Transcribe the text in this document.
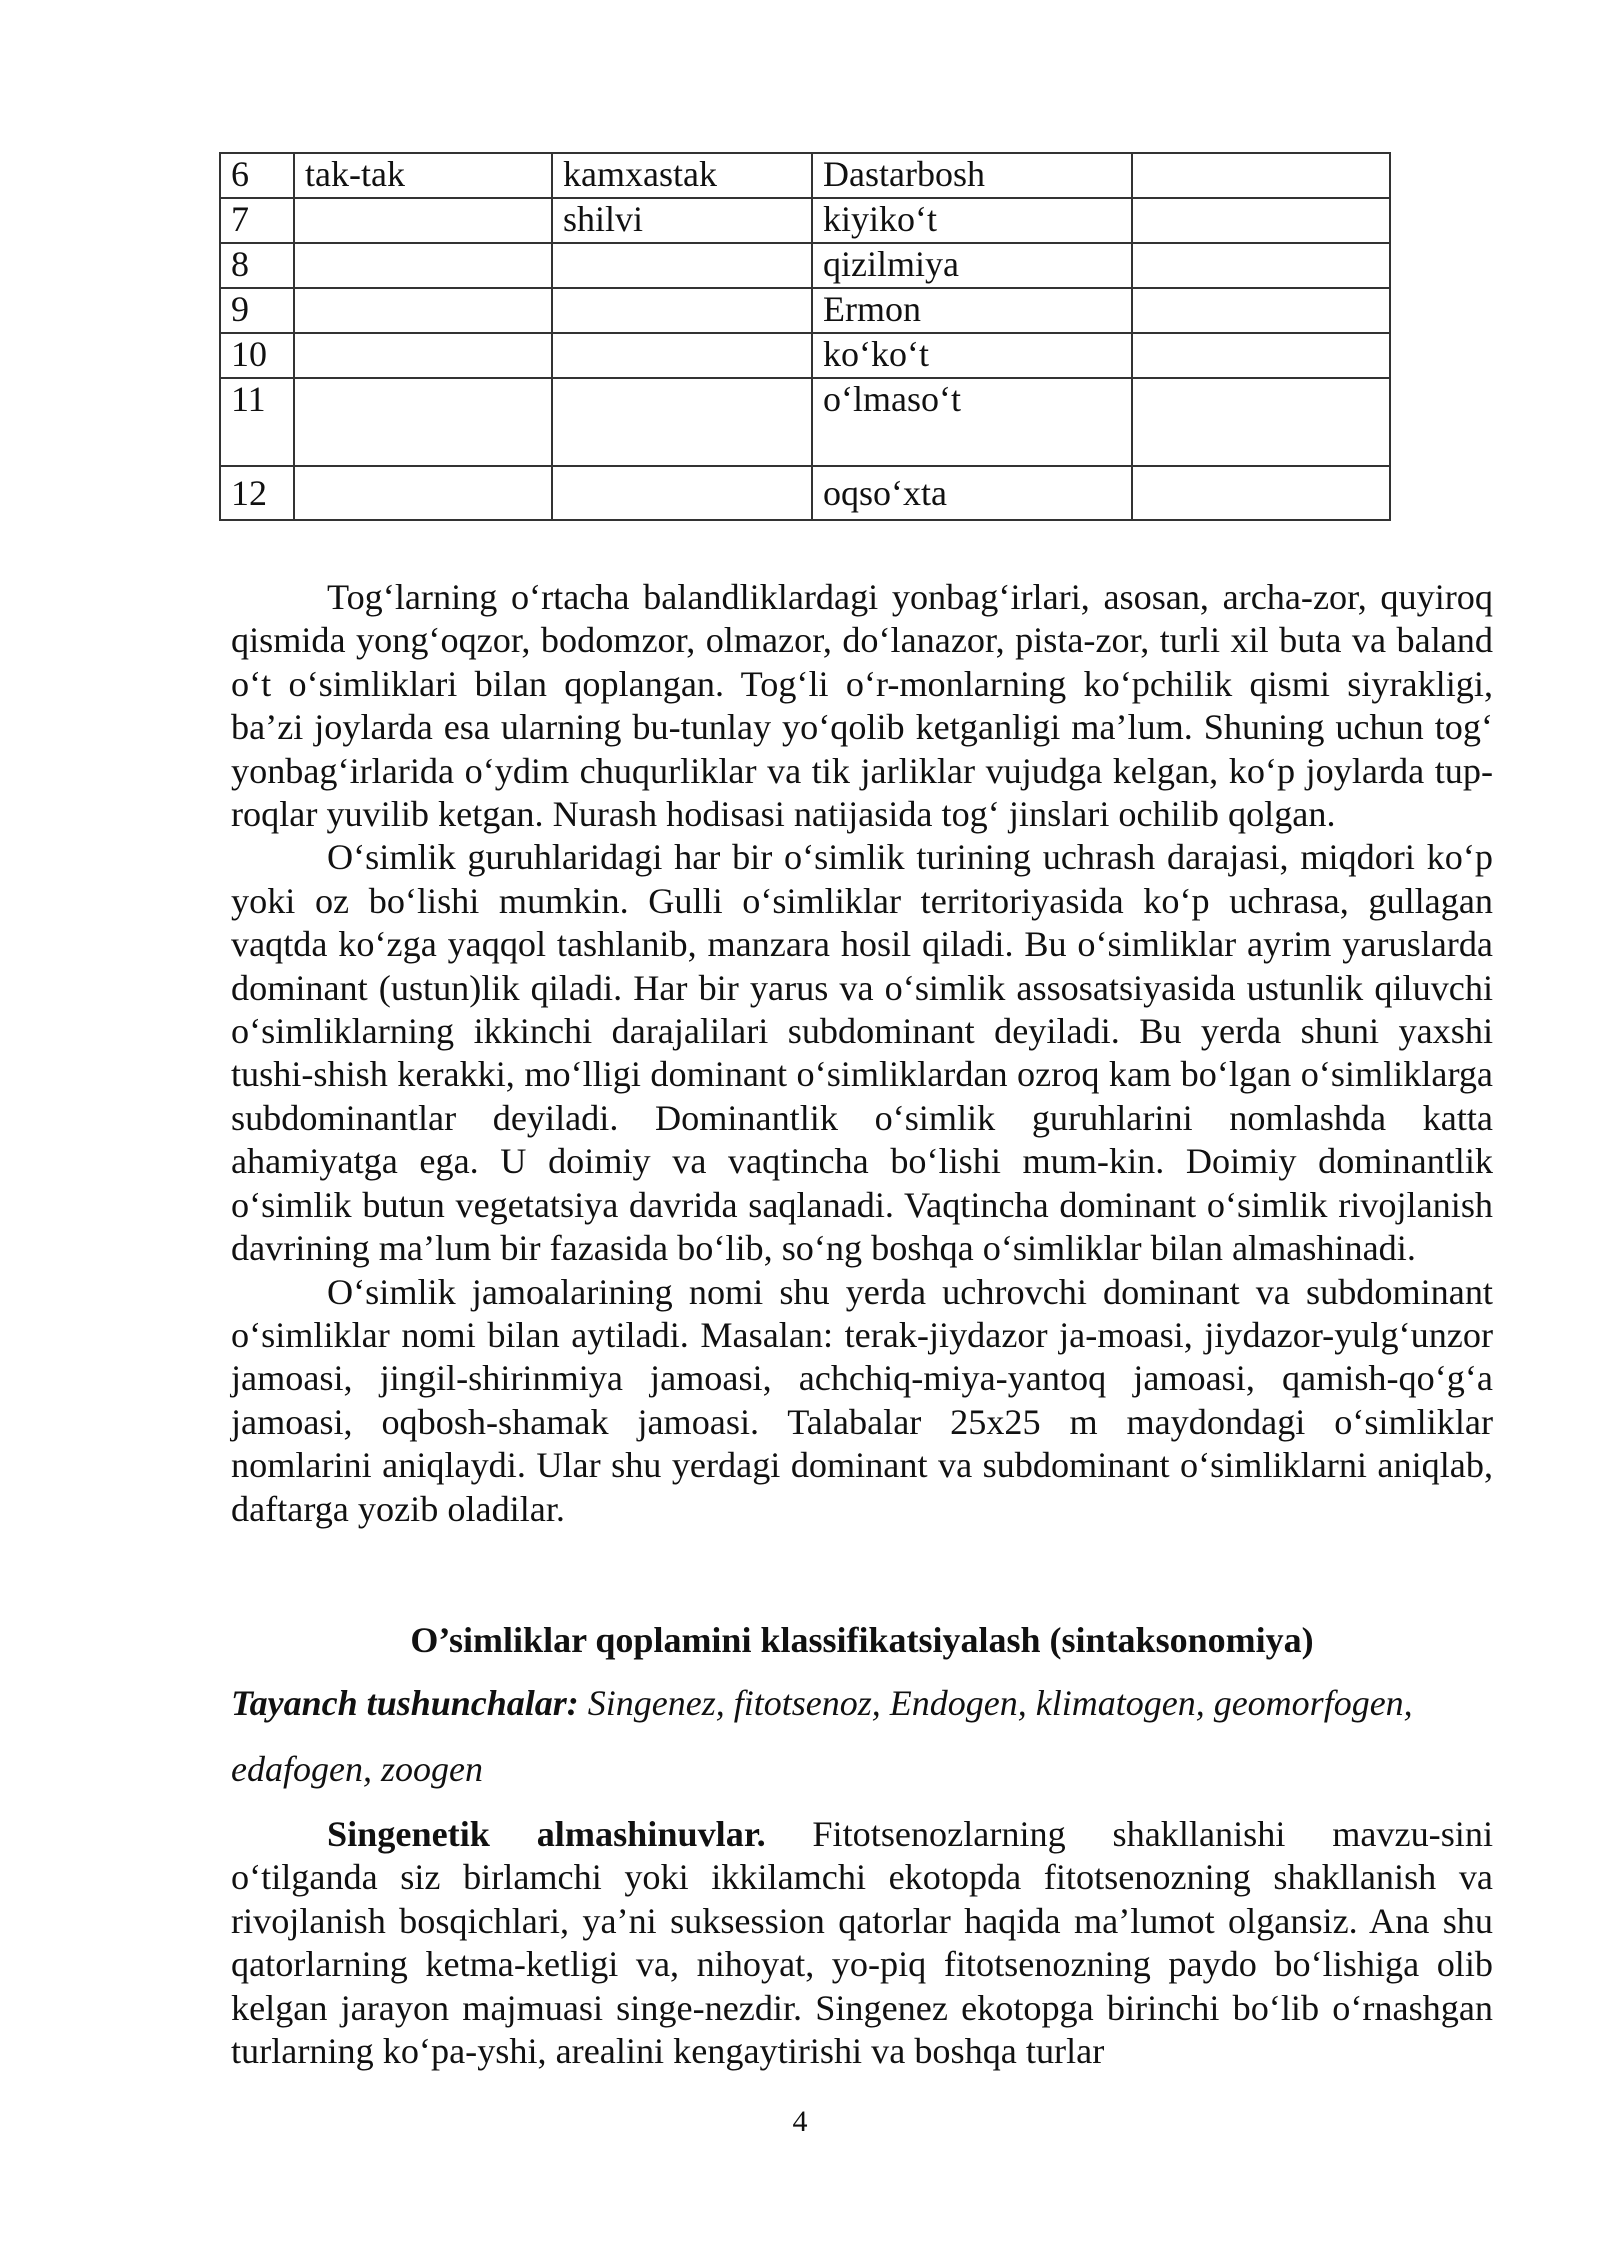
6	tak-tak	kamxastak	Dastarbosh	
7		shilvi	kiyiko‘t	
8			qizilmiya	
9			Ermon	
10			ko‘ko‘t	
11			o‘lmaso‘t	
12			oqso‘xta	

Tog‘larning o‘rtacha balandliklardagi yonbag‘irlari, asosan, archa-zor, quyiroq qismida yong‘oqzor, bodomzor, olmazor, do‘lanazor, pista-zor, turli xil buta va baland o‘t o‘simliklari bilan qoplangan. Tog‘li o‘r-monlarning ko‘pchilik qismi siyrakligi, ba’zi joylarda esa ularning bu-tunlay yo‘qolib ketganligi ma’lum. Shuning uchun tog‘ yonbag‘irlarida o‘ydim chuqurliklar va tik jarliklar vujudga kelgan, ko‘p joylarda tup-roqlar yuvilib ketgan. Nurash hodisasi natijasida tog‘ jinslari ochilib qolgan.

O‘simlik guruhlaridagi har bir o‘simlik turining uchrash darajasi, miqdori ko‘p yoki oz bo‘lishi mumkin. Gulli o‘simliklar territoriyasida ko‘p uchrasa, gullagan vaqtda ko‘zga yaqqol tashlanib, manzara hosil qiladi. Bu o‘simliklar ayrim yaruslarda dominant (ustun)lik qiladi. Har bir yarus va o‘simlik assosatsiyasida ustunlik qiluvchi o‘simliklarning ikkinchi darajalilari subdominant deyiladi. Bu yerda shuni yaxshi tushi-shish kerakki, mo‘lligi dominant o‘simliklardan ozroq kam bo‘lgan o‘simliklarga subdominantlar deyiladi. Dominantlik o‘simlik guruhlarini nomlashda katta ahamiyatga ega. U doimiy va vaqtincha bo‘lishi mum-kin. Doimiy dominantlik o‘simlik butun vegetatsiya davrida saqlanadi. Vaqtincha dominant o‘simlik rivojlanish davrining ma’lum bir fazasida bo‘lib, so‘ng boshqa o‘simliklar bilan almashinadi.

O‘simlik jamoalarining nomi shu yerda uchrovchi dominant va subdominant o‘simliklar nomi bilan aytiladi. Masalan: terak-jiydazor ja-moasi, jiydazor-yulg‘unzor jamoasi, jingil-shirinmiya jamoasi, achchiq-miya-yantoq jamoasi, qamish-qo‘g‘a jamoasi, oqbosh-shamak jamoasi. Talabalar 25x25 m maydondagi o‘simliklar nomlarini aniqlaydi. Ular shu yerdagi dominant va subdominant o‘simliklarni aniqlab, daftarga yozib oladilar.

O’simliklar qoplamini klassifikatsiyalash (sintaksonomiya)
Tayanch tushunchalar: Singenez, fitotsenoz, Endogen, klimatogen, geomorfogen, edafogen, zoogen

Singenetik almashinuvlar. Fitotsenozlarning shakllanishi mavzu-sini o‘tilganda siz birlamchi yoki ikkilamchi ekotopda fitotsenozning shakllanish va rivojlanish bosqichlari, ya’ni suksession qatorlar haqida ma’lumot olgansiz. Ana shu qatorlarning ketma-ketligi va, nihoyat, yo-piq fitotsenozning paydo bo‘lishiga olib kelgan jarayon majmuasi singe-nezdir. Singenez ekotopga birinchi bo‘lib o‘rnashgan turlarning ko‘pa-yshi, arealini kengaytirishi va boshqa turlar

4
